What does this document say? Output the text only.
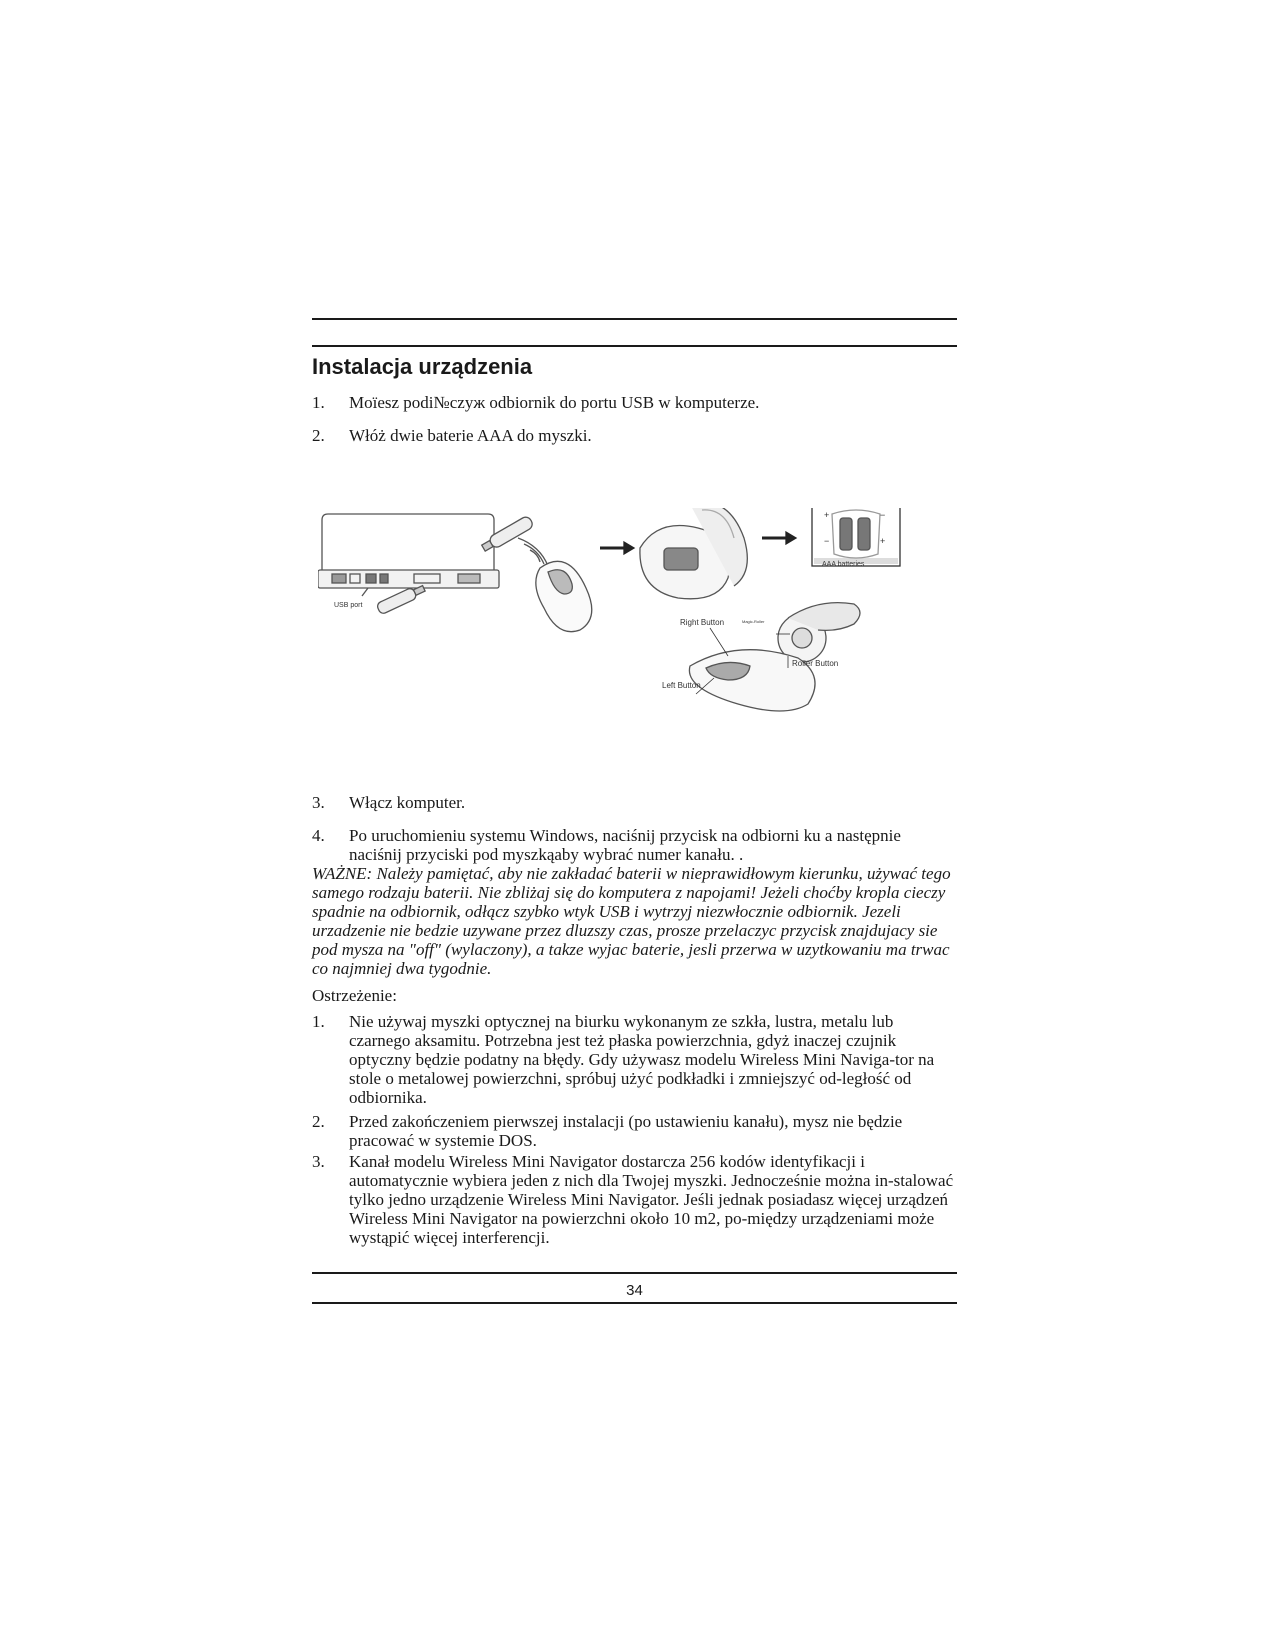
Instalacja urządzenia
1. Moïesz podi№czyж odbiornik do portu USB w komputerze.
2. Włóż dwie baterie AAA do myszki.
+
−
−
+
USB port
AAA batteries
Right Button	Magic-Roller
Roller Button
Left Button
3. Włącz komputer.
4. Po uruchomieniu systemu Windows, naciśnij przycisk na odbiorni ku a następnie naciśnij przyciski pod myszkąaby wybrać numer kanału. .
WAŻNE: Należy pamiętać, aby nie zakładać baterii w nieprawidłowym kierunku, używać tego samego rodzaju baterii. Nie zbliżaj się do komputera z napojami! Jeżeli choćby kropla cieczy spadnie na odbiornik, odłącz szybko wtyk USB i wytrzyj niezwłocznie odbiornik. Jezeli urzadzenie nie bedzie uzywane przez dluzszy czas, prosze przelaczyc przycisk znajdujacy sie pod mysza na "off" (wylaczony), a takze wyjac baterie, jesli przerwa w uzytkowaniu ma trwac co najmniej dwa tygodnie.
Ostrzeżenie:
1. Nie używaj myszki optycznej na biurku wykonanym ze szkła, lustra, metalu lub czarnego aksamitu. Potrzebna jest też płaska powierzchnia, gdyż inaczej czujnik optyczny będzie podatny na błędy. Gdy używasz modelu Wireless Mini Naviga-tor na stole o metalowej powierzchni, spróbuj użyć podkładki i zmniejszyć od-ległość od odbiornika.
2. Przed zakończeniem pierwszej instalacji (po ustawieniu kanału), mysz nie będzie pracować w systemie DOS.
3. Kanał modelu Wireless Mini Navigator dostarcza 256 kodów identyfikacji i automatycznie wybiera jeden z nich dla Twojej myszki. Jednocześnie można in-stalować tylko jedno urządzenie Wireless Mini Navigator. Jeśli jednak posiadasz więcej urządzeń Wireless Mini Navigator na powierzchni około 10 m2, po-między urządzeniami może wystąpić więcej interferencji.
34
